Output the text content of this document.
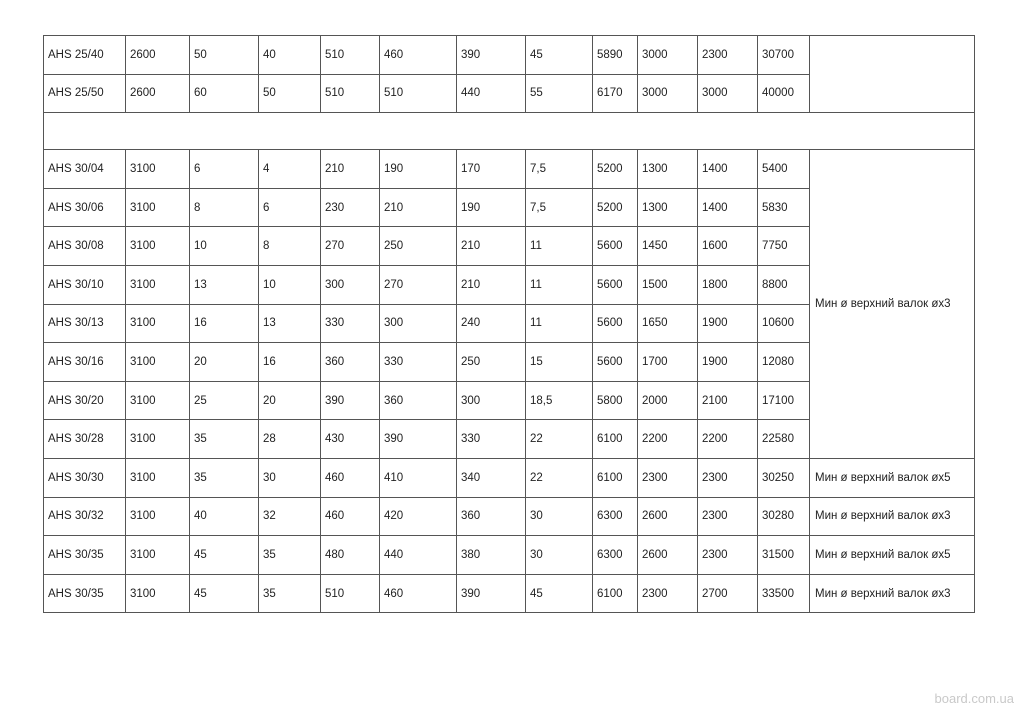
AHS 25/40	2600	50	40	510	460	390	45	5890	3000	2300	30700	
AHS 25/50	2600	60	50	510	510	440	55	6170	3000	3000	40000	

AHS 30/04	3100	6	4	210	190	170	7,5	5200	1300	1400	5400	Мин ø верхний валок øx3
AHS 30/06	3100	8	6	230	210	190	7,5	5200	1300	1400	5830	
AHS 30/08	3100	10	8	270	250	210	11	5600	1450	1600	7750	
AHS 30/10	3100	13	10	300	270	210	11	5600	1500	1800	8800	
AHS 30/13	3100	16	13	330	300	240	11	5600	1650	1900	10600	
AHS 30/16	3100	20	16	360	330	250	15	5600	1700	1900	12080	
AHS 30/20	3100	25	20	390	360	300	18,5	5800	2000	2100	17100	
AHS 30/28	3100	35	28	430	390	330	22	6100	2200	2200	22580	
AHS 30/30	3100	35	30	460	410	340	22	6100	2300	2300	30250	Мин ø верхний валок øx5
AHS 30/32	3100	40	32	460	420	360	30	6300	2600	2300	30280	Мин ø верхний валок øx3
AHS 30/35	3100	45	35	480	440	380	30	6300	2600	2300	31500	Мин ø верхний валок øx5
AHS 30/35	3100	45	35	510	460	390	45	6100	2300	2700	33500	Мин ø верхний валок øx3
board.com.ua
